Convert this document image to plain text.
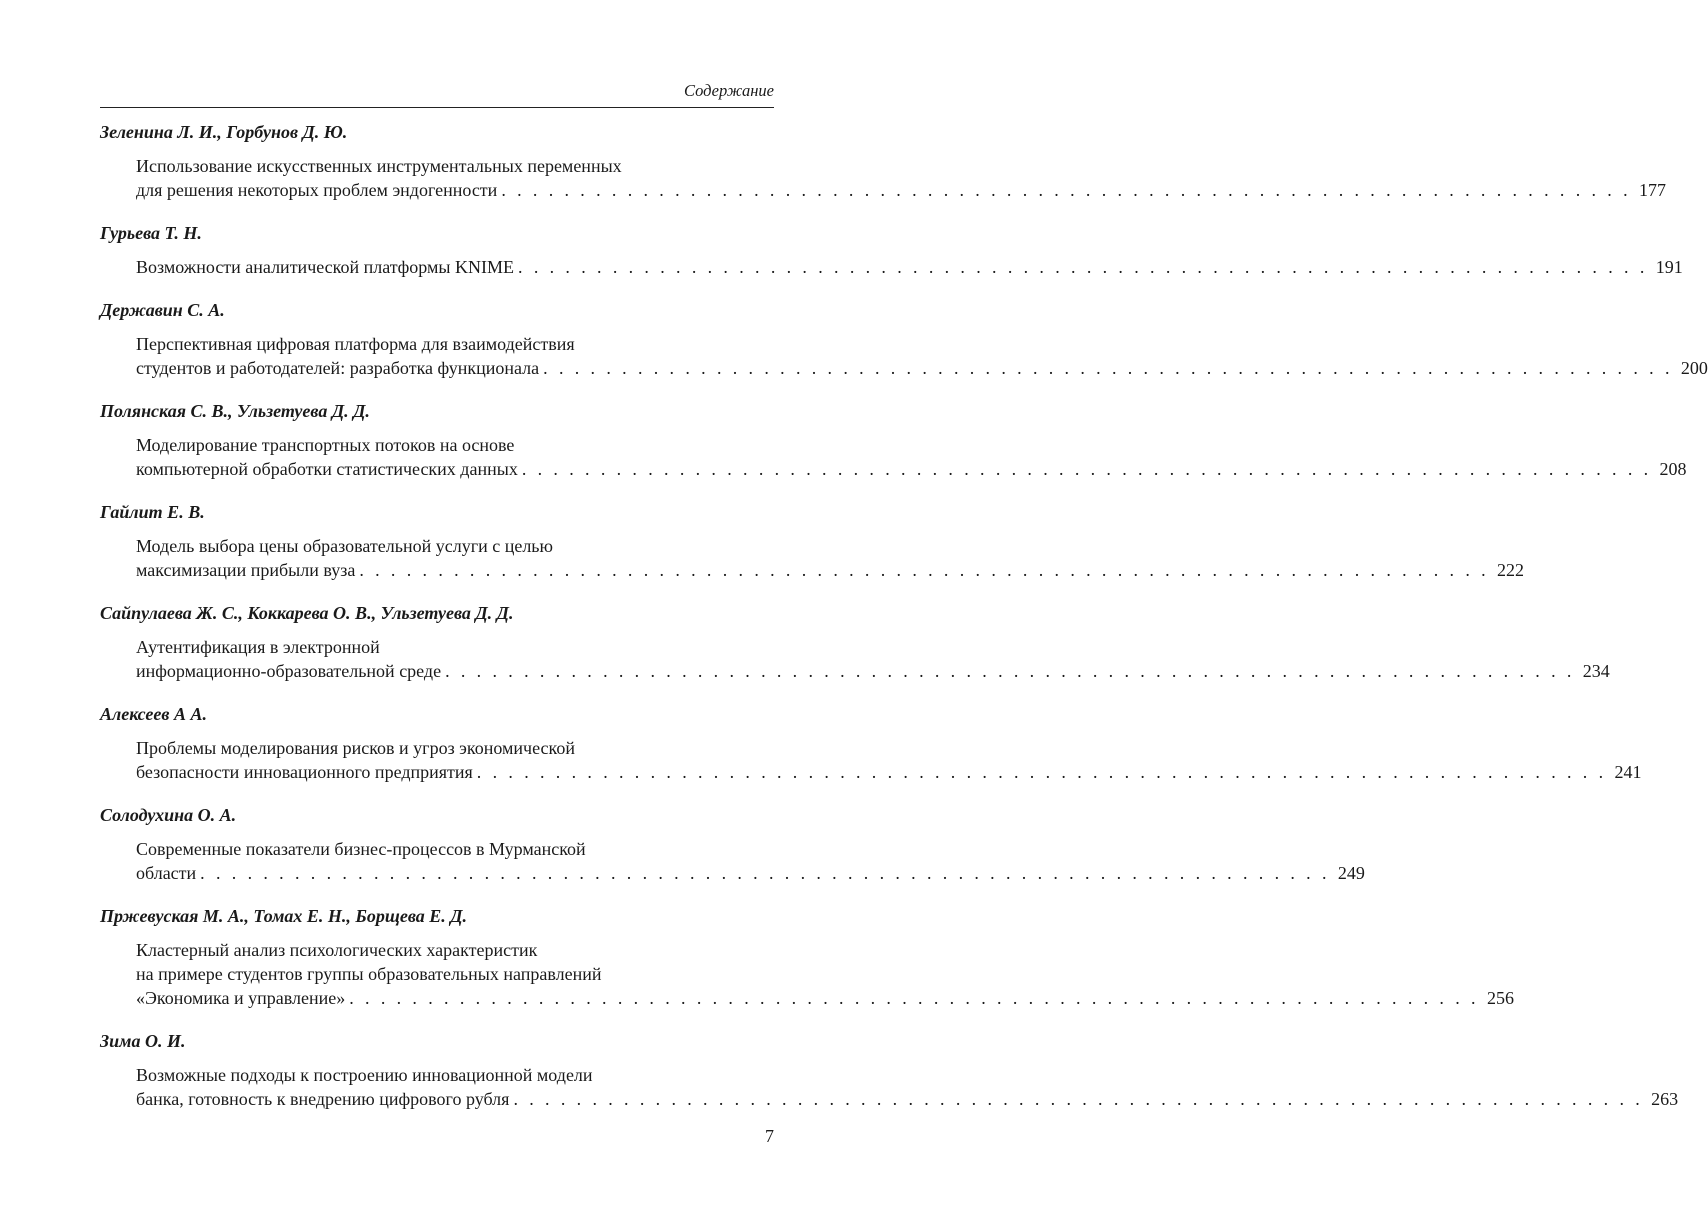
Содержание
Зеленина Л. И., Горбунов Д. Ю.
Использование искусственных инструментальных переменных
для решения некоторых проблем эндогенности . . . . . . . . . . . . . . . . . . . . . . . . . . . . . . . . . . . . . . . . . . . . . . . . . . . . . . . . . . . . . . . . . . . . . . . . 177
Гурьева Т. Н.
Возможности аналитической платформы KNIME . . . . . . . . . . . . . . . . . . . . . . . . . . . . . . . . . . . . . . . . . . . . . . . . . . . . . . . . . . . . . . . . . . . . . . . . 191
Державин С. А.
Перспективная цифровая платформа для взаимодействия
студентов и работодателей: разработка функционала . . . . . . . . . . . . . . . . . . . . . . . . . . . . . . . . . . . . . . . . . . . . . . . . . . . . . . . . . . . . . . . . . . . . . . . . 200
Полянская С. В., Ульзетуева Д. Д.
Моделирование транспортных потоков на основе
компьютерной обработки статистических данных . . . . . . . . . . . . . . . . . . . . . . . . . . . . . . . . . . . . . . . . . . . . . . . . . . . . . . . . . . . . . . . . . . . . . . . . 208
Гайлит Е. В.
Модель выбора цены образовательной услуги с целью
максимизации прибыли вуза . . . . . . . . . . . . . . . . . . . . . . . . . . . . . . . . . . . . . . . . . . . . . . . . . . . . . . . . . . . . . . . . . . . . . . . . 222
Сайпулаева Ж. С., Коккарева О. В., Ульзетуева Д. Д.
Аутентификация в электронной
информационно-образовательной среде . . . . . . . . . . . . . . . . . . . . . . . . . . . . . . . . . . . . . . . . . . . . . . . . . . . . . . . . . . . . . . . . . . . . . . . . 234
Алексеев А А.
Проблемы моделирования рисков и угроз экономической
безопасности инновационного предприятия . . . . . . . . . . . . . . . . . . . . . . . . . . . . . . . . . . . . . . . . . . . . . . . . . . . . . . . . . . . . . . . . . . . . . . . . 241
Солодухина О. А.
Современные показатели бизнес-процессов в Мурманской
области . . . . . . . . . . . . . . . . . . . . . . . . . . . . . . . . . . . . . . . . . . . . . . . . . . . . . . . . . . . . . . . . . . . . . . . . 249
Пржевуская М. А., Томах Е. Н., Борщева Е. Д.
Кластерный анализ психологических характеристик
на примере студентов группы образовательных направлений
«Экономика и управление» . . . . . . . . . . . . . . . . . . . . . . . . . . . . . . . . . . . . . . . . . . . . . . . . . . . . . . . . . . . . . . . . . . . . . . . . 256
Зима О. И.
Возможные подходы к построению инновационной модели
банка, готовность к внедрению цифрового рубля . . . . . . . . . . . . . . . . . . . . . . . . . . . . . . . . . . . . . . . . . . . . . . . . . . . . . . . . . . . . . . . . . . . . . . . . 263
7
